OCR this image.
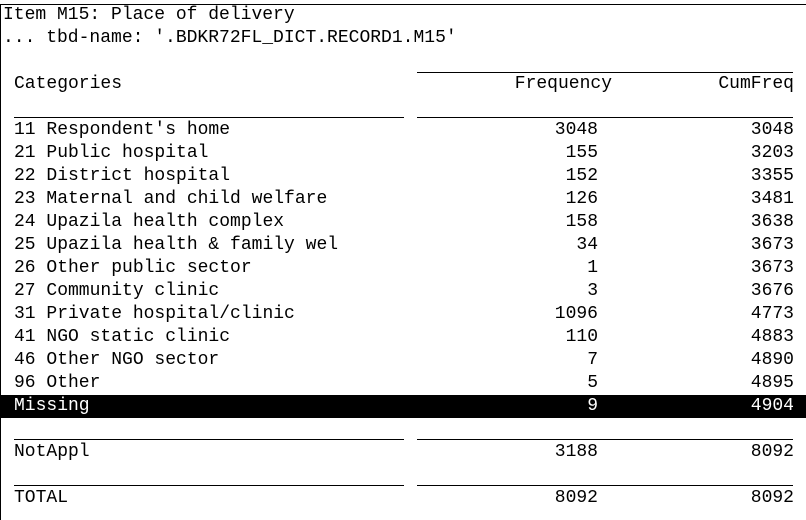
Item M15: Place of delivery
... tbd-name: '.BDKR72FL_DICT.RECORD1.M15'
Categories	Frequency	CumFreq
11 Respondent's home	3048	3048
21 Public hospital	155	3203
22 District hospital	152	3355
23 Maternal and child welfare	126	3481
24 Upazila health complex	158	3638
25 Upazila health & family wel	34	3673
26 Other public sector	1	3673
27 Community clinic	3	3676
31 Private hospital/clinic	1096	4773
41 NGO static clinic	110	4883
46 Other NGO sector	7	4890
96 Other	5	4895
Missing	9	4904
NotAppl	3188	8092
TOTAL	8092	8092
